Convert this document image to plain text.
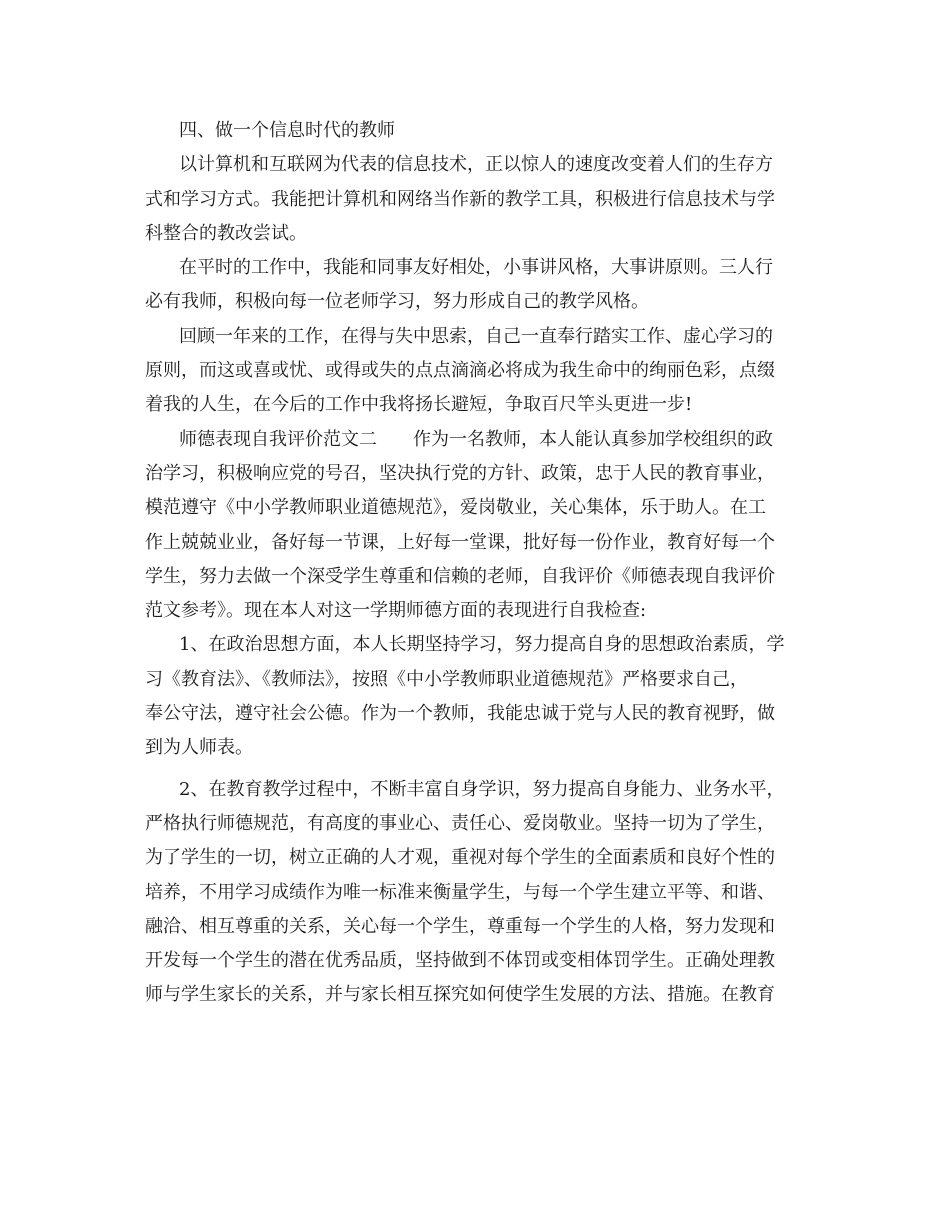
四、做一个信息时代的教师
以计算机和互联网为代表的信息技术，正以惊人的速度改变着人们的生存方
式和学习方式。我能把计算机和网络当作新的教学工具，积极进行信息技术与学
科整合的教改尝试。
在平时的工作中，我能和同事友好相处，小事讲风格，大事讲原则。三人行
必有我师，积极向每一位老师学习，努力形成自己的教学风格。
回顾一年来的工作，在得与失中思索，自己一直奉行踏实工作、虚心学习的
原则，而这或喜或忧、或得或失的点点滴滴必将成为我生命中的绚丽色彩，点缀
着我的人生，在今后的工作中我将扬长避短，争取百尺竿头更进一步!
师德表现自我评价范文二　　作为一名教师，本人能认真参加学校组织的政
治学习，积极响应党的号召，坚决执行党的方针、政策，忠于人民的教育事业，
模范遵守《中小学教师职业道德规范》，爱岗敬业，关心集体，乐于助人。在工
作上兢兢业业，备好每一节课，上好每一堂课，批好每一份作业，教育好每一个
学生，努力去做一个深受学生尊重和信赖的老师，自我评价《师德表现自我评价
范文参考》。现在本人对这一学期师德方面的表现进行自我检查:
1、在政治思想方面，本人长期坚持学习，努力提高自身的思想政治素质，学
习《教育法》、《教师法》，按照《中小学教师职业道德规范》严格要求自己，
奉公守法，遵守社会公德。作为一个教师，我能忠诚于党与人民的教育视野，做
到为人师表。
2、在教育教学过程中，不断丰富自身学识，努力提高自身能力、业务水平，
严格执行师德规范，有高度的事业心、责任心、爱岗敬业。坚持一切为了学生，
为了学生的一切，树立正确的人才观，重视对每个学生的全面素质和良好个性的
培养，不用学习成绩作为唯一标准来衡量学生，与每一个学生建立平等、和谐、
融洽、相互尊重的关系，关心每一个学生，尊重每一个学生的人格，努力发现和
开发每一个学生的潜在优秀品质，坚持做到不体罚或变相体罚学生。正确处理教
师与学生家长的关系，并与家长相互探究如何使学生发展的方法、措施。在教育
